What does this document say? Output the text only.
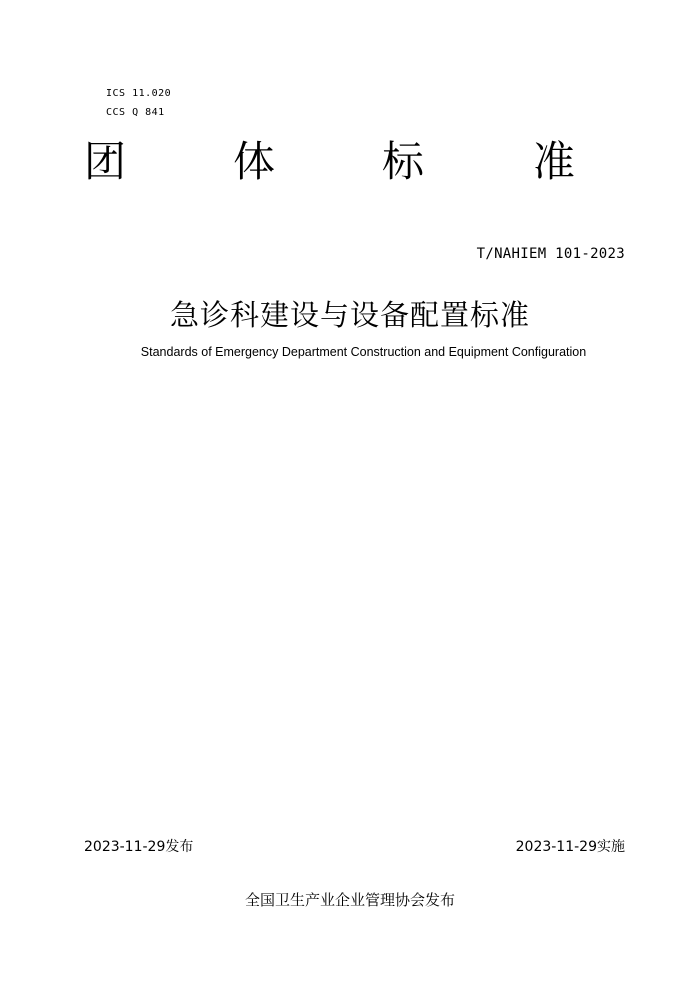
ICS 11.020
CCS Q 841
团	体	标	准
T/NAHIEM 101-2023
急诊科建设与设备配置标准
Standards of Emergency Department Construction and Equipment Configuration
2023-11-29发布	2023-11-29实施
全国卫生产业企业管理协会发布
